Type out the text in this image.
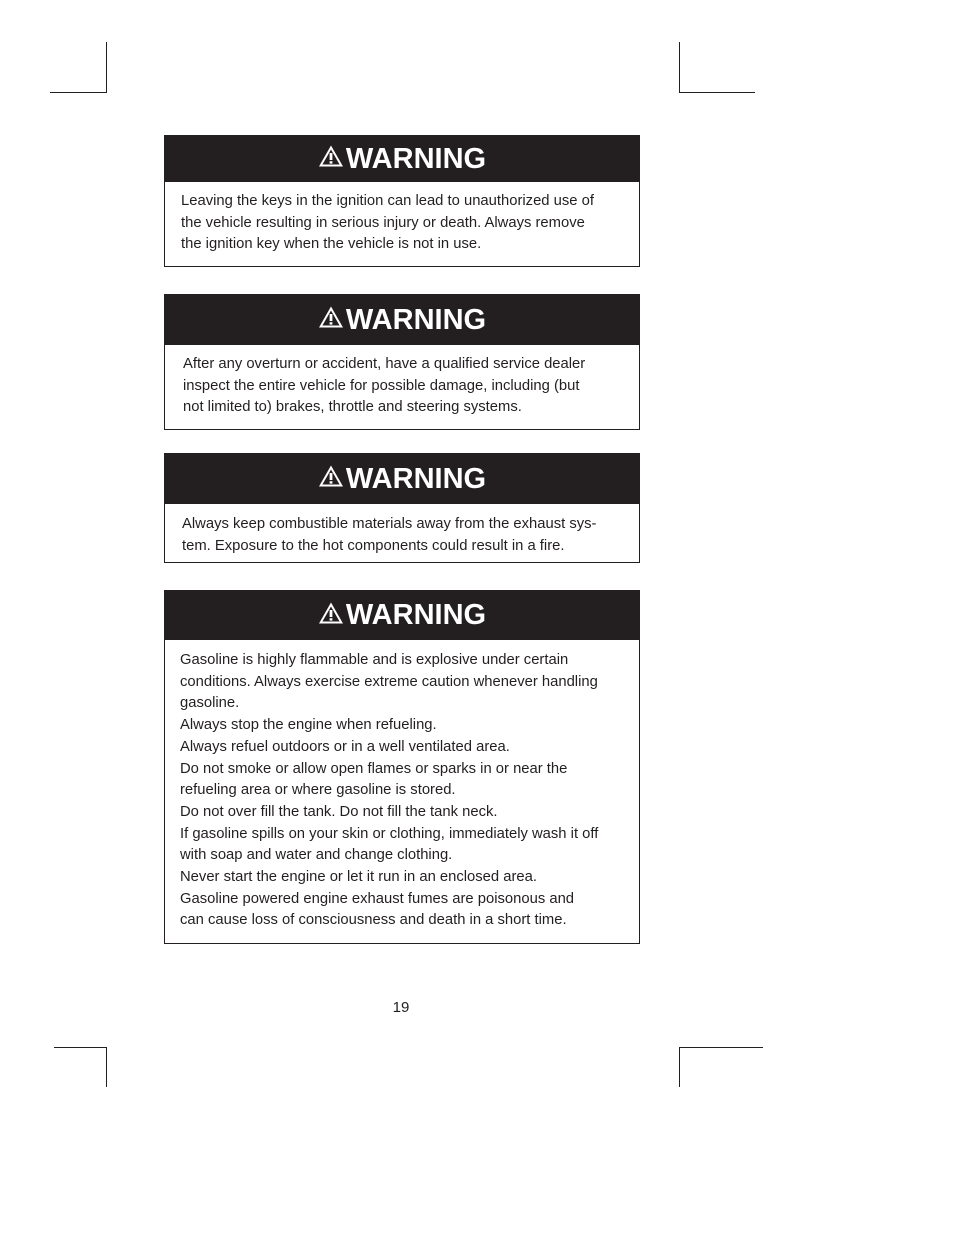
WARNING

Leaving the keys in the ignition can lead to unauthorized use of

the vehicle resulting in serious injury or death. Always remove

the ignition key when the vehicle is not in use.

WARNING

After any overturn or accident, have a qualified service dealer

inspect the entire vehicle for possible damage, including (but

not limited to) brakes, throttle and steering systems.

WARNING

Always keep combustible materials away from the exhaust sys-

tem. Exposure to the hot components could result in a fire.

WARNING

Gasoline is highly flammable and is explosive under certain

conditions. Always exercise extreme caution whenever handling

gasoline.

Always stop the engine when refueling.

Always refuel outdoors or in a well ventilated area.

Do not smoke or allow open flames or sparks in or near the

refueling area or where gasoline is stored.

Do not over fill the tank. Do not fill the tank neck.

If gasoline spills on your skin or clothing, immediately wash it off

with soap and water and change clothing.

Never start the engine or let it run in an enclosed area.

Gasoline powered engine exhaust fumes are poisonous and

can cause loss of consciousness and death in a short time.

19
